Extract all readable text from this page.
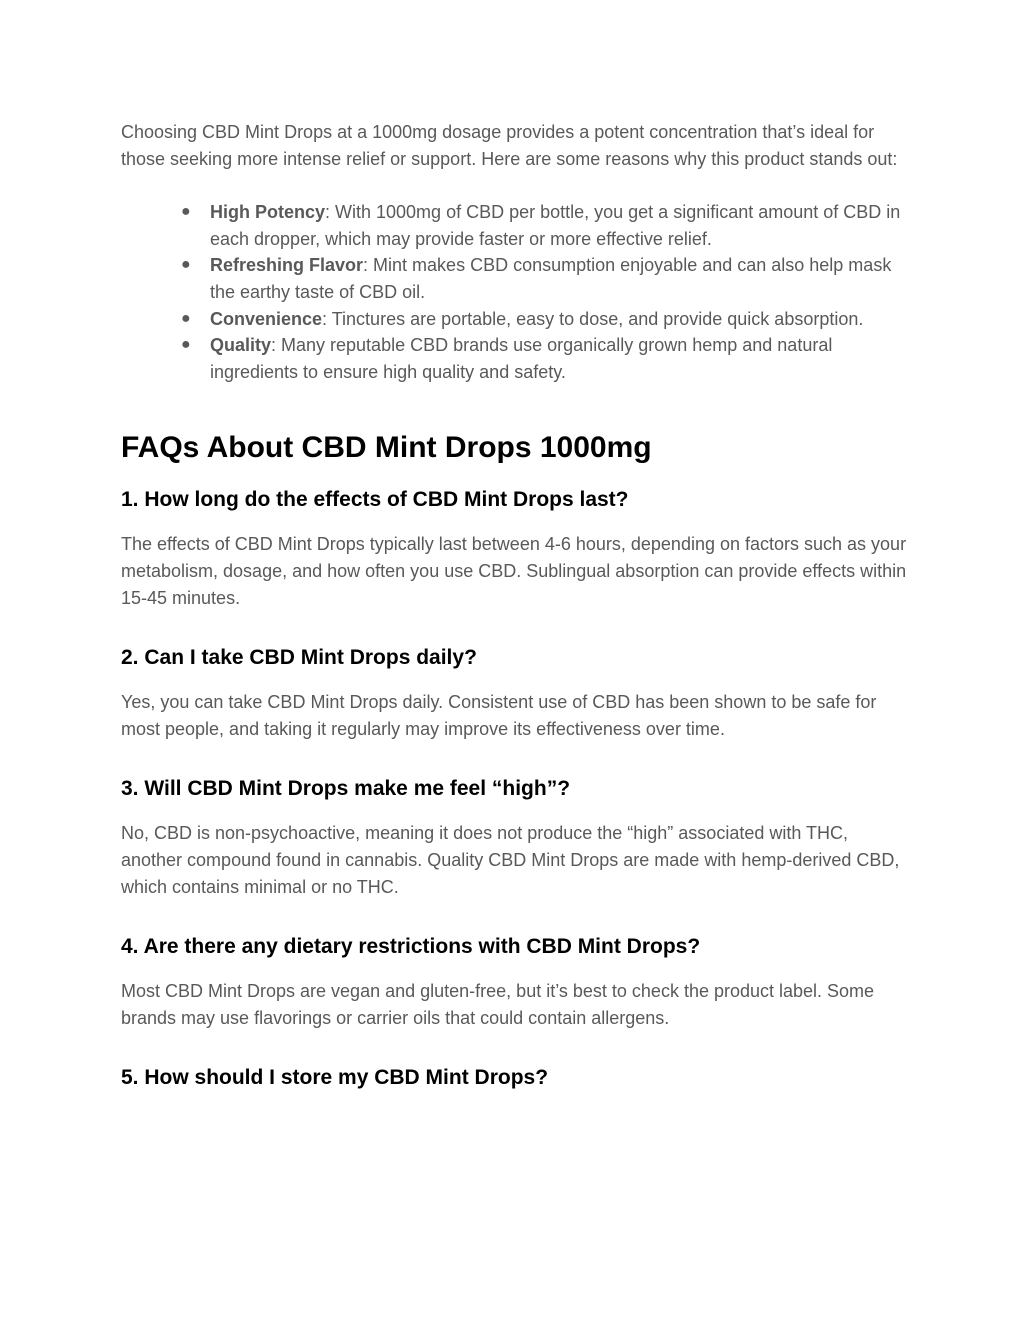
Choosing CBD Mint Drops at a 1000mg dosage provides a potent concentration that’s ideal for those seeking more intense relief or support. Here are some reasons why this product stands out:

● High Potency: With 1000mg of CBD per bottle, you get a significant amount of CBD in each dropper, which may provide faster or more effective relief.
● Refreshing Flavor: Mint makes CBD consumption enjoyable and can also help mask the earthy taste of CBD oil.
● Convenience: Tinctures are portable, easy to dose, and provide quick absorption.
● Quality: Many reputable CBD brands use organically grown hemp and natural ingredients to ensure high quality and safety.
FAQs About CBD Mint Drops 1000mg
1. How long do the effects of CBD Mint Drops last?

The effects of CBD Mint Drops typically last between 4-6 hours, depending on factors such as your metabolism, dosage, and how often you use CBD. Sublingual absorption can provide effects within 15-45 minutes.

2. Can I take CBD Mint Drops daily?

Yes, you can take CBD Mint Drops daily. Consistent use of CBD has been shown to be safe for most people, and taking it regularly may improve its effectiveness over time.

3. Will CBD Mint Drops make me feel “high”?

No, CBD is non-psychoactive, meaning it does not produce the “high” associated with THC, another compound found in cannabis. Quality CBD Mint Drops are made with hemp-derived CBD, which contains minimal or no THC.

4. Are there any dietary restrictions with CBD Mint Drops?

Most CBD Mint Drops are vegan and gluten-free, but it’s best to check the product label. Some brands may use flavorings or carrier oils that could contain allergens.

5. How should I store my CBD Mint Drops?
